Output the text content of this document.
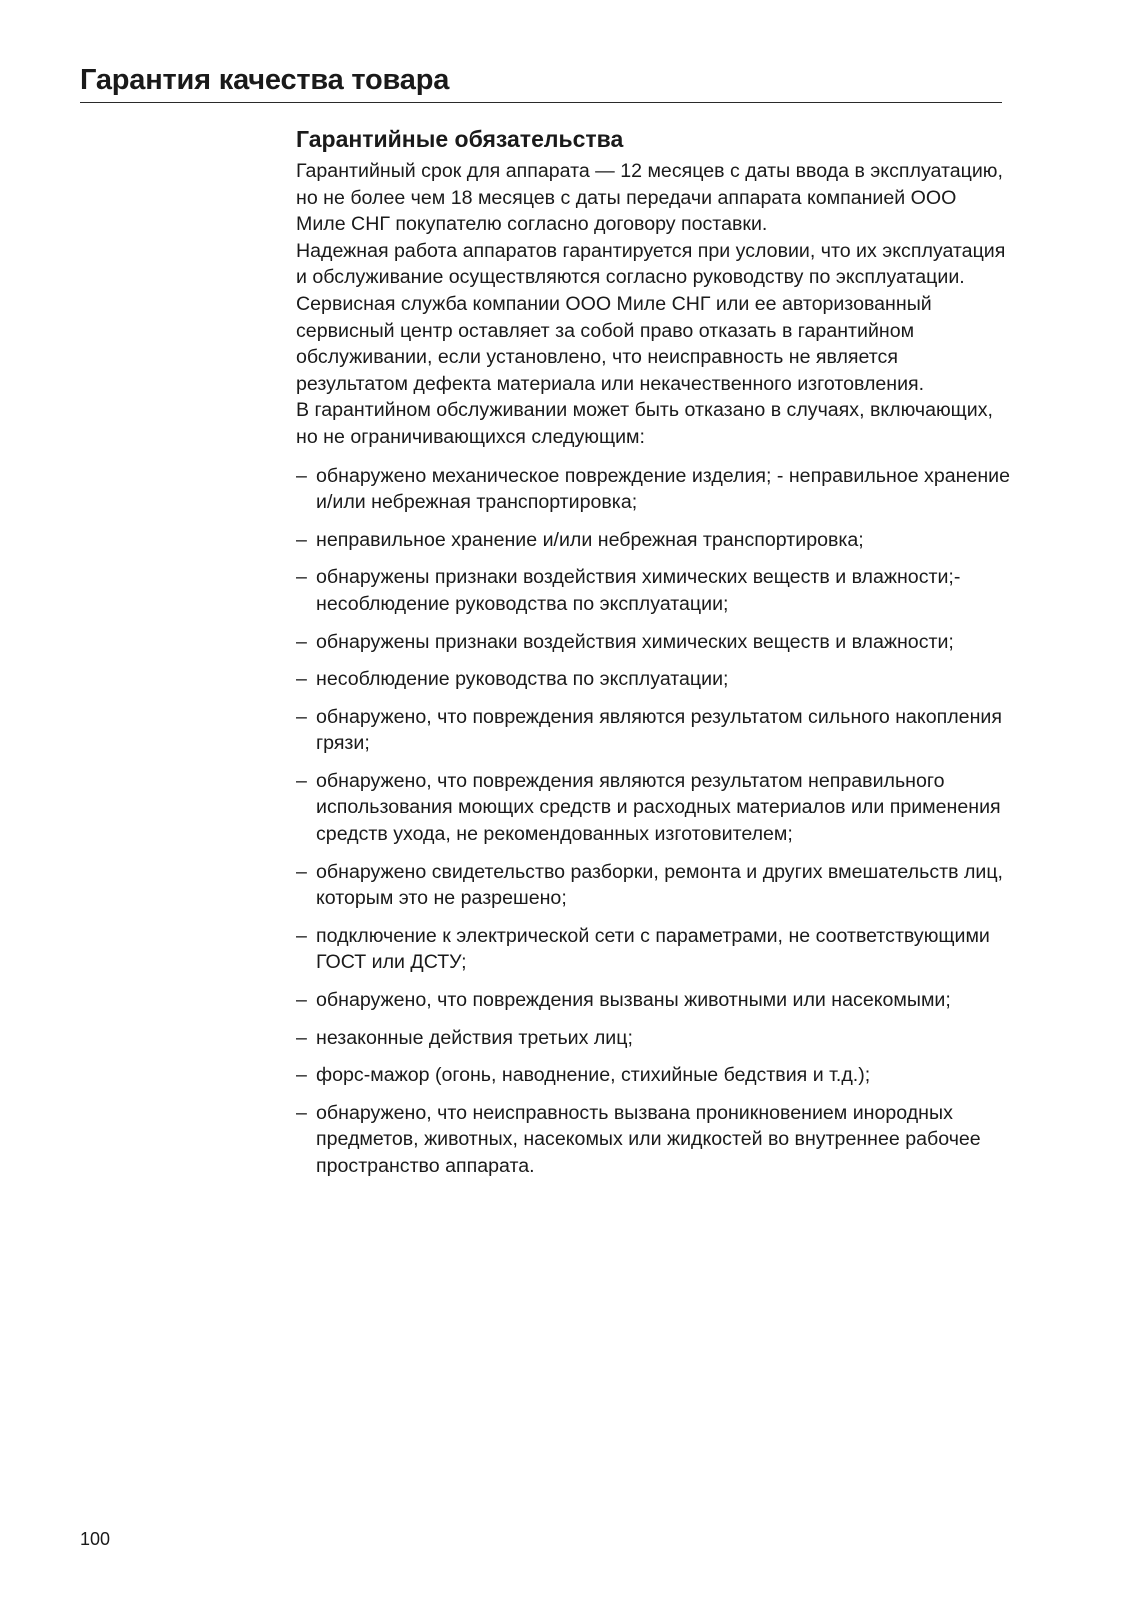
Гарантия качества товара
Гарантийные обязательства

Гарантийный срок для аппарата — 12 месяцев с даты ввода в эксплуатацию, но не более чем 18 месяцев с даты передачи аппарата компанией ООО Миле СНГ покупателю согласно договору поставки.

Надежная работа аппаратов гарантируется при условии, что их эксплуатация и обслуживание осуществляются согласно руководству по эксплуатации.

Сервисная служба компании ООО Миле СНГ или ее авторизованный сервисный центр оставляет за собой право отказать в гарантийном обслуживании, если установлено, что неисправность не является результатом дефекта материала или некачественного изготовления.

В гарантийном обслуживании может быть отказано в случаях, включающих, но не ограничивающихся следующим:

– обнаружено механическое повреждение изделия; - неправильное хранение и/или небрежная транспортировка;
– неправильное хранение и/или небрежная транспортировка;
– обнаружены признаки воздействия химических веществ и влажности;- несоблюдение руководства по эксплуатации;
– обнаружены признаки воздействия химических веществ и влажности;
– несоблюдение руководства по эксплуатации;
– обнаружено, что повреждения являются результатом сильного накопления грязи;
– обнаружено, что повреждения являются результатом неправильного использования моющих средств и расходных материалов или применения средств ухода, не рекомендованных изготовителем;
– обнаружено свидетельство разборки, ремонта и других вмешательств лиц, которым это не разрешено;
– подключение к электрической сети с параметрами, не соответствующими ГОСТ или ДСТУ;
– обнаружено, что повреждения вызваны животными или насекомыми;
– незаконные действия третьих лиц;
– форс-мажор (огонь, наводнение, стихийные бедствия и т.д.);
– обнаружено, что неисправность вызвана проникновением инородных предметов, животных, насекомых или жидкостей во внутреннее рабочее пространство аппарата.
100
